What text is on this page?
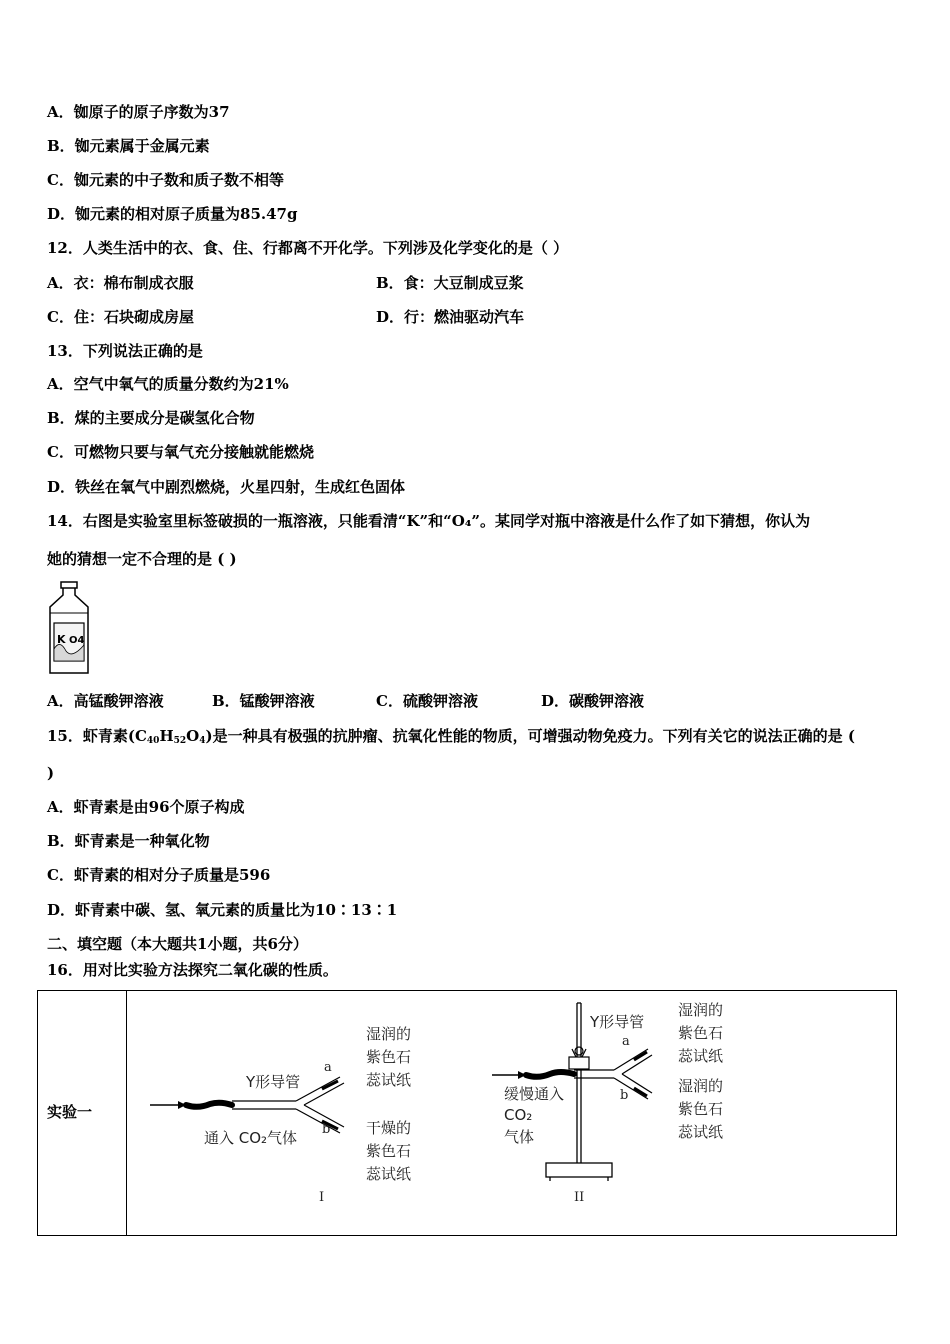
A．铷原子的原子序数为37
B．铷元素属于金属元素
C．铷元素的中子数和质子数不相等
D．铷元素的相对原子质量为85.47g
12．人类生活中的衣、食、住、行都离不开化学。下列涉及化学变化的是（ ）
A．衣：棉布制成衣服	B．食：大豆制成豆浆
C．住：石块砌成房屋	D．行：燃油驱动汽车
13．下列说法正确的是
A．空气中氧气的质量分数约为21%
B．煤的主要成分是碳氢化合物
C．可燃物只要与氧气充分接触就能燃烧
D．铁丝在氧气中剧烈燃烧，火星四射，生成红色固体
14．右图是实验室里标签破损的一瓶溶液，只能看清“K”和“O₄”。某同学对瓶中溶液是什么作了如下猜想，你认为
她的猜想一定不合理的是 ( )
K O4
A．高锰酸钾溶液	B．锰酸钾溶液	C．硫酸钾溶液	D．碳酸钾溶液
15．虾青素$(C_{40}H_{52}O_4)$是一种具有极强的抗肿瘤、抗氧化性能的物质，可增强动物免疫力。下列有关它的说法正确的是 (
)
A．虾青素是由96个原子构成
B．虾青素是一种氧化物
C．虾青素的相对分子质量是596
D．虾青素中碳、氢、氧元素的质量比为10∶13∶1
二、填空题（本大题共1小题，共6分）
16．用对比实验方法探究二氧化碳的性质。
实验一
Y形导管
a
b
通入 CO₂气体
湿润的
紫色石
蕊试纸
干燥的
紫色石
蕊试纸
I
Y形导管
a
b
缓慢通入
CO₂
气体
湿润的
紫色石
蕊试纸
湿润的
紫色石
蕊试纸
II
